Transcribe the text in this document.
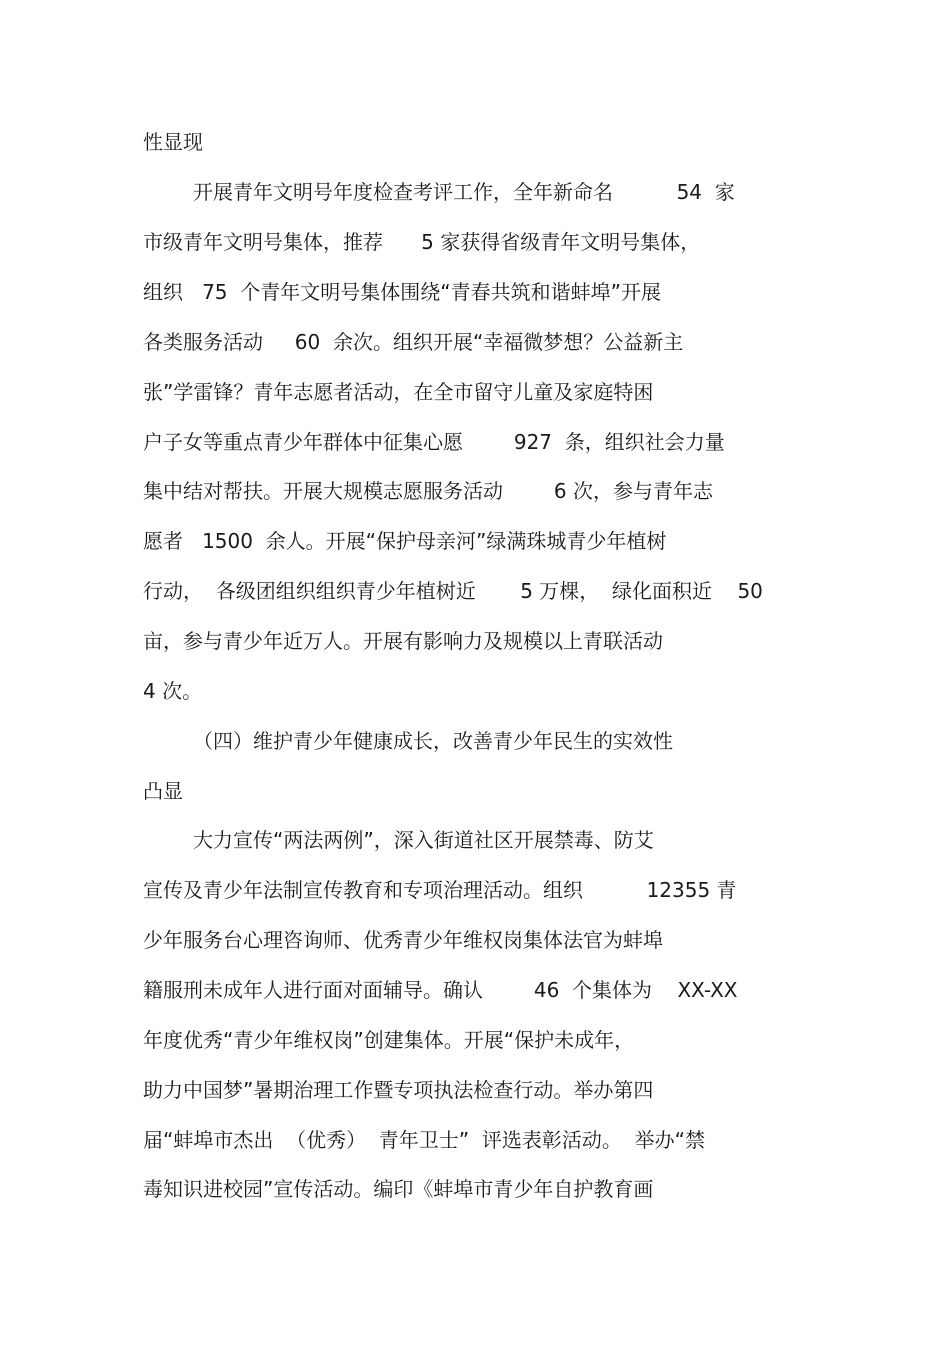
性显现
开展青年文明号年度检查考评工作，全年新命名          54  家
市级青年文明号集体，推荐      5 家获得省级青年文明号集体，
组织   75  个青年文明号集体围绕“青春共筑和谐蚌埠”开展
各类服务活动     60  余次。组织开展“幸福微梦想？公益新主
张”学雷锋？青年志愿者活动，在全市留守儿童及家庭特困
户子女等重点青少年群体中征集心愿        927  条，组织社会力量
集中结对帮扶。开展大规模志愿服务活动        6 次，参与青年志
愿者   1500  余人。开展“保护母亲河”绿满珠城青少年植树
行动，  各级团组织组织青少年植树近       5 万棵，  绿化面积近    50
亩，参与青少年近万人。开展有影响力及规模以上青联活动
4 次。
（四）维护青少年健康成长，改善青少年民生的实效性
凸显
大力宣传“两法两例”，深入街道社区开展禁毒、防艾
宣传及青少年法制宣传教育和专项治理活动。组织          12355 青
少年服务台心理咨询师、优秀青少年维权岗集体法官为蚌埠
籍服刑未成年人进行面对面辅导。确认        46  个集体为    XX-XX
年度优秀“青少年维权岗”创建集体。开展“保护未成年，
助力中国梦”暑期治理工作暨专项执法检查行动。举办第四
届“蚌埠市杰出  （优秀）  青年卫士”  评选表彰活动。  举办“禁
毒知识进校园”宣传活动。编印《蚌埠市青少年自护教育画
